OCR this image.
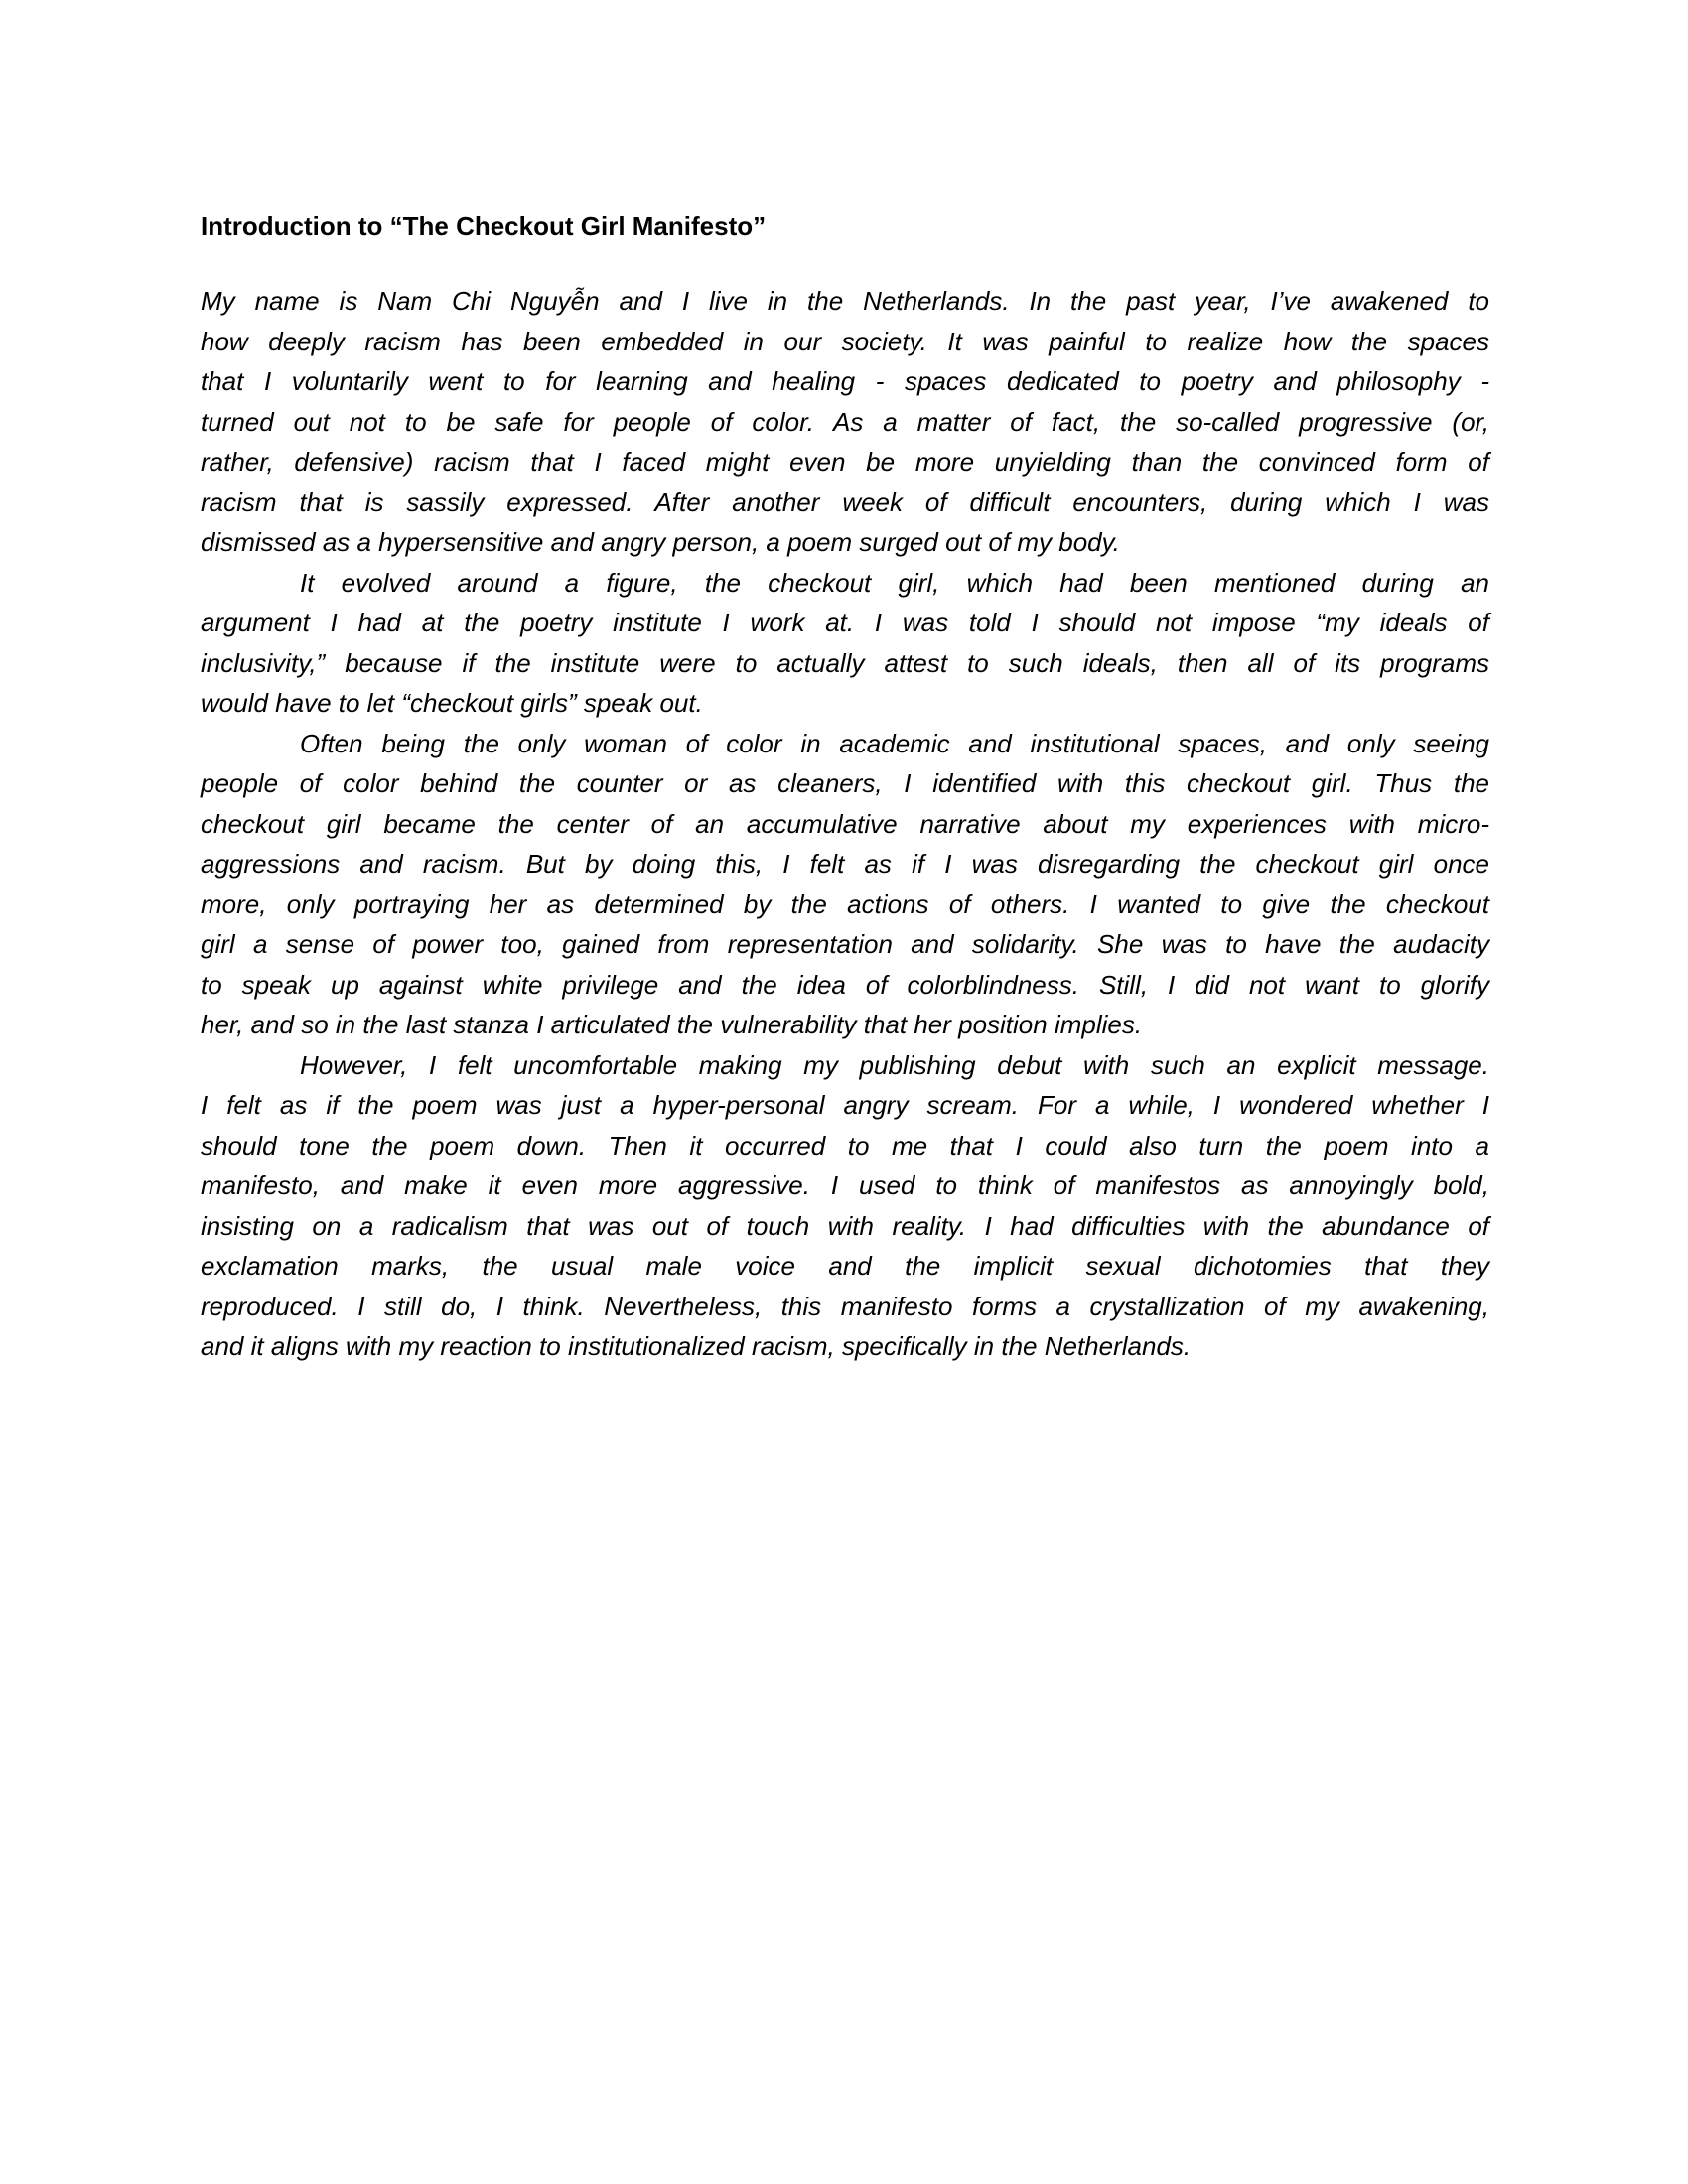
Introduction to “The Checkout Girl Manifesto”
My name is Nam Chi Nguyễn and I live in the Netherlands. In the past year, I’ve awakened to
how deeply racism has been embedded in our society. It was painful to realize how the spaces
that I voluntarily went to for learning and healing - spaces dedicated to poetry and philosophy -
turned out not to be safe for people of color. As a matter of fact, the so-called progressive (or,
rather, defensive) racism that I faced might even be more unyielding than the convinced form of
racism that is sassily expressed. After another week of difficult encounters, during which I was
dismissed as a hypersensitive and angry person, a poem surged out of my body.
It evolved around a figure, the checkout girl, which had been mentioned during an
argument I had at the poetry institute I work at. I was told I should not impose “my ideals of
inclusivity,” because if the institute were to actually attest to such ideals, then all of its programs
would have to let “checkout girls” speak out.
Often being the only woman of color in academic and institutional spaces, and only seeing
people of color behind the counter or as cleaners, I identified with this checkout girl. Thus the
checkout girl became the center of an accumulative narrative about my experiences with micro-
aggressions and racism. But by doing this, I felt as if I was disregarding the checkout girl once
more, only portraying her as determined by the actions of others. I wanted to give the checkout
girl a sense of power too, gained from representation and solidarity. She was to have the audacity
to speak up against white privilege and the idea of colorblindness. Still, I did not want to glorify
her, and so in the last stanza I articulated the vulnerability that her position implies.
However, I felt uncomfortable making my publishing debut with such an explicit message.
I felt as if the poem was just a hyper-personal angry scream. For a while, I wondered whether I
should tone the poem down. Then it occurred to me that I could also turn the poem into a
manifesto, and make it even more aggressive. I used to think of manifestos as annoyingly bold,
insisting on a radicalism that was out of touch with reality. I had difficulties with the abundance of
exclamation marks, the usual male voice and the implicit sexual dichotomies that they
reproduced. I still do, I think. Nevertheless, this manifesto forms a crystallization of my awakening,
and it aligns with my reaction to institutionalized racism, specifically in the Netherlands.
